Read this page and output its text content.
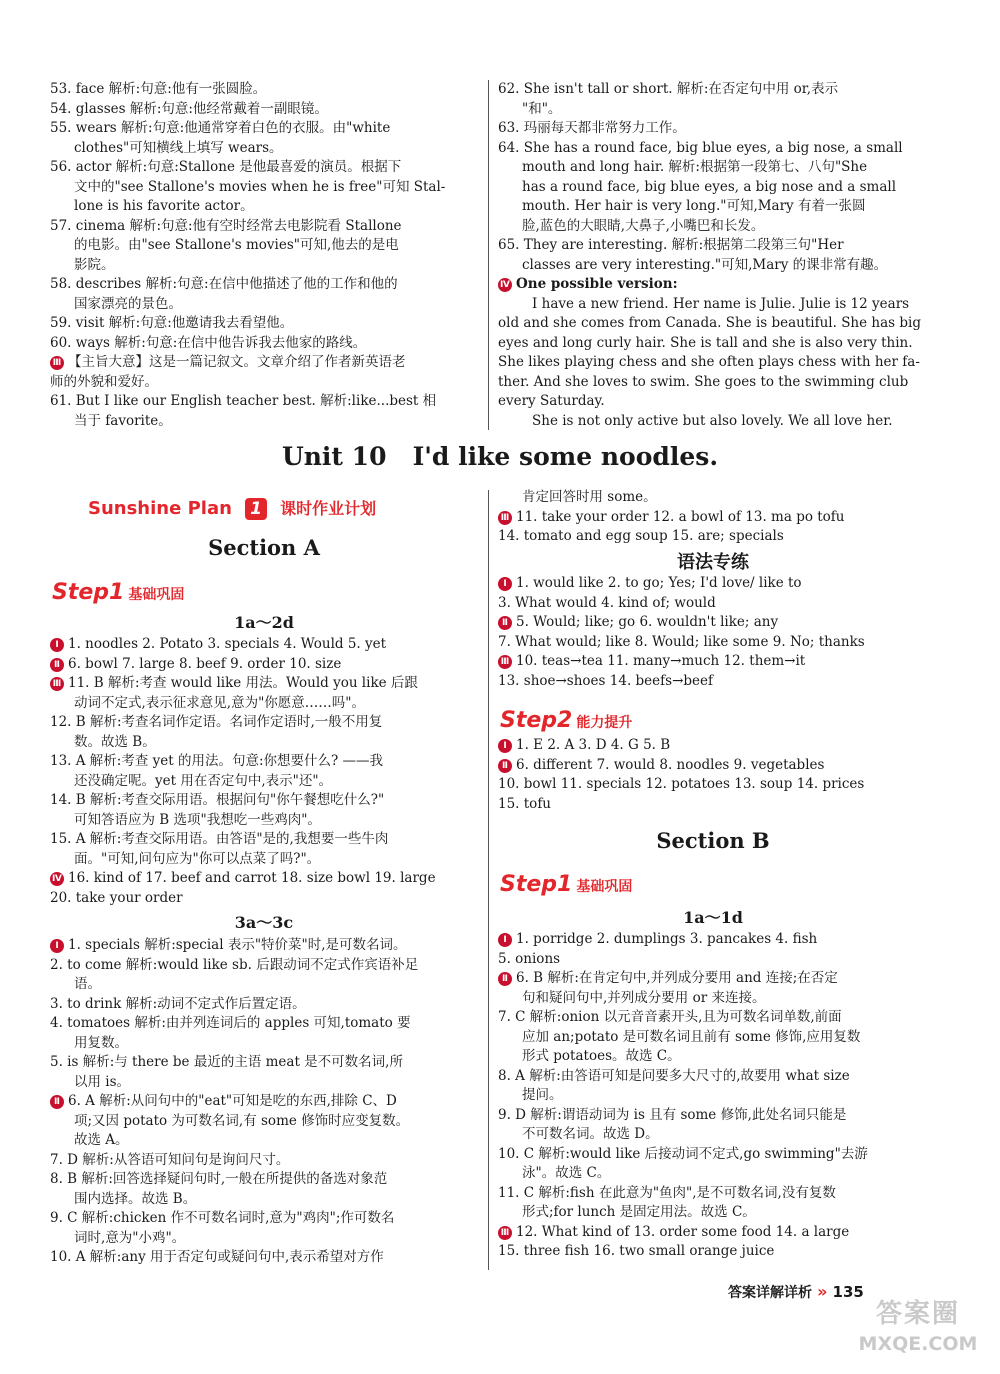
53. face 解析:句意:他有一张圆脸。
54. glasses 解析:句意:他经常戴着一副眼镜。
55. wears 解析:句意:他通常穿着白色的衣服。由"white
clothes"可知横线上填写 wears。
56. actor 解析:句意:Stallone 是他最喜爱的演员。根据下
文中的"see Stallone's movies when he is free"可知 Stal-
lone is his favorite actor。
57. cinema 解析:句意:他有空时经常去电影院看 Stallone
的电影。由"see Stallone's movies"可知,他去的是电
影院。
58. describes 解析:句意:在信中他描述了他的工作和他的
国家漂亮的景色。
59. visit 解析:句意:他邀请我去看望他。
60. ways 解析:句意:在信中他告诉我去他家的路线。
Ⅲ 【主旨大意】这是一篇记叙文。文章介绍了作者新英语老
师的外貌和爱好。
61. But I like our English teacher best. 解析:like...best 相
当于 favorite。
62. She isn't tall or short. 解析:在否定句中用 or,表示
"和"。
63. 玛丽每天都非常努力工作。
64. She has a round face, big blue eyes, a big nose, a small
mouth and long hair. 解析:根据第一段第七、八句"She
has a round face, big blue eyes, a big nose and a small
mouth. Her hair is very long."可知,Mary 有着一张圆
脸,蓝色的大眼睛,大鼻子,小嘴巴和长发。
65. They are interesting. 解析:根据第二段第三句"Her
classes are very interesting."可知,Mary 的课非常有趣。
Ⅳ One possible version:
I have a new friend. Her name is Julie. Julie is 12 years
old and she comes from Canada. She is beautiful. She has big
eyes and long curly hair. She is tall and she is also very thin.
She likes playing chess and she often plays chess with her fa-
ther. And she loves to swim. She goes to the swimming club
every Saturday.
She is not only active but also lovely. We all love her.
Unit 10   I'd like some noodles.
Sunshine Plan 1 课时作业计划
Section A
Step1 基础巩固
1a～2d
Ⅰ 1. noodles 2. Potato 3. specials 4. Would 5. yet
Ⅱ 6. bowl 7. large 8. beef 9. order 10. size
Ⅲ 11. B 解析:考查 would like 用法。Would you like 后跟
动词不定式,表示征求意见,意为"你愿意……吗"。
12. B 解析:考查名词作定语。名词作定语时,一般不用复
数。故选 B。
13. A 解析:考查 yet 的用法。句意:你想要什么? ——我
还没确定呢。yet 用在否定句中,表示"还"。
14. B 解析:考查交际用语。根据问句"你午餐想吃什么?"
可知答语应为 B 选项"我想吃一些鸡肉"。
15. A 解析:考查交际用语。由答语"是的,我想要一些牛肉
面。"可知,问句应为"你可以点菜了吗?"。
Ⅳ 16. kind of 17. beef and carrot 18. size bowl 19. large
20. take your order
3a～3c
Ⅰ 1. specials 解析:special 表示"特价菜"时,是可数名词。
2. to come 解析:would like sb. 后跟动词不定式作宾语补足
语。
3. to drink 解析:动词不定式作后置定语。
4. tomatoes 解析:由并列连词后的 apples 可知,tomato 要
用复数。
5. is 解析:与 there be 最近的主语 meat 是不可数名词,所
以用 is。
Ⅱ 6. A 解析:从问句中的"eat"可知是吃的东西,排除 C、D
项;又因 potato 为可数名词,有 some 修饰时应变复数。
故选 A。
7. D 解析:从答语可知问句是询问尺寸。
8. B 解析:回答选择疑问句时,一般在所提供的备选对象范
围内选择。故选 B。
9. C 解析:chicken 作不可数名词时,意为"鸡肉";作可数名
词时,意为"小鸡"。
10. A 解析:any 用于否定句或疑问句中,表示希望对方作
肯定回答时用 some。
Ⅲ 11. take your order 12. a bowl of 13. ma po tofu
14. tomato and egg soup 15. are; specials
语法专练
Ⅰ 1. would like 2. to go; Yes; I'd love/ like to
3. What would 4. kind of; would
Ⅱ 5. Would; like; go 6. wouldn't like; any
7. What would; like 8. Would; like some 9. No; thanks
Ⅲ 10. teas→tea 11. many→much 12. them→it
13. shoe→shoes 14. beefs→beef
Step2 能力提升
Ⅰ 1. E 2. A 3. D 4. G 5. B
Ⅱ 6. different 7. would 8. noodles 9. vegetables
10. bowl 11. specials 12. potatoes 13. soup 14. prices
15. tofu
Section B
Step1 基础巩固
1a～1d
Ⅰ 1. porridge 2. dumplings 3. pancakes 4. fish
5. onions
Ⅱ 6. B 解析:在肯定句中,并列成分要用 and 连接;在否定
句和疑问句中,并列成分要用 or 来连接。
7. C 解析:onion 以元音音素开头,且为可数名词单数,前面
应加 an;potato 是可数名词且前有 some 修饰,应用复数
形式 potatoes。故选 C。
8. A 解析:由答语可知是问要多大尺寸的,故要用 what size
提问。
9. D 解析:谓语动词为 is 且有 some 修饰,此处名词只能是
不可数名词。故选 D。
10. C 解析:would like 后接动词不定式,go swimming"去游
泳"。故选 C。
11. C 解析:fish 在此意为"鱼肉",是不可数名词,没有复数
形式;for lunch 是固定用法。故选 C。
Ⅲ 12. What kind of 13. order some food 14. a large
15. three fish 16. two small orange juice
答案详解详析 » 135
答案圈
MXQE.COM
